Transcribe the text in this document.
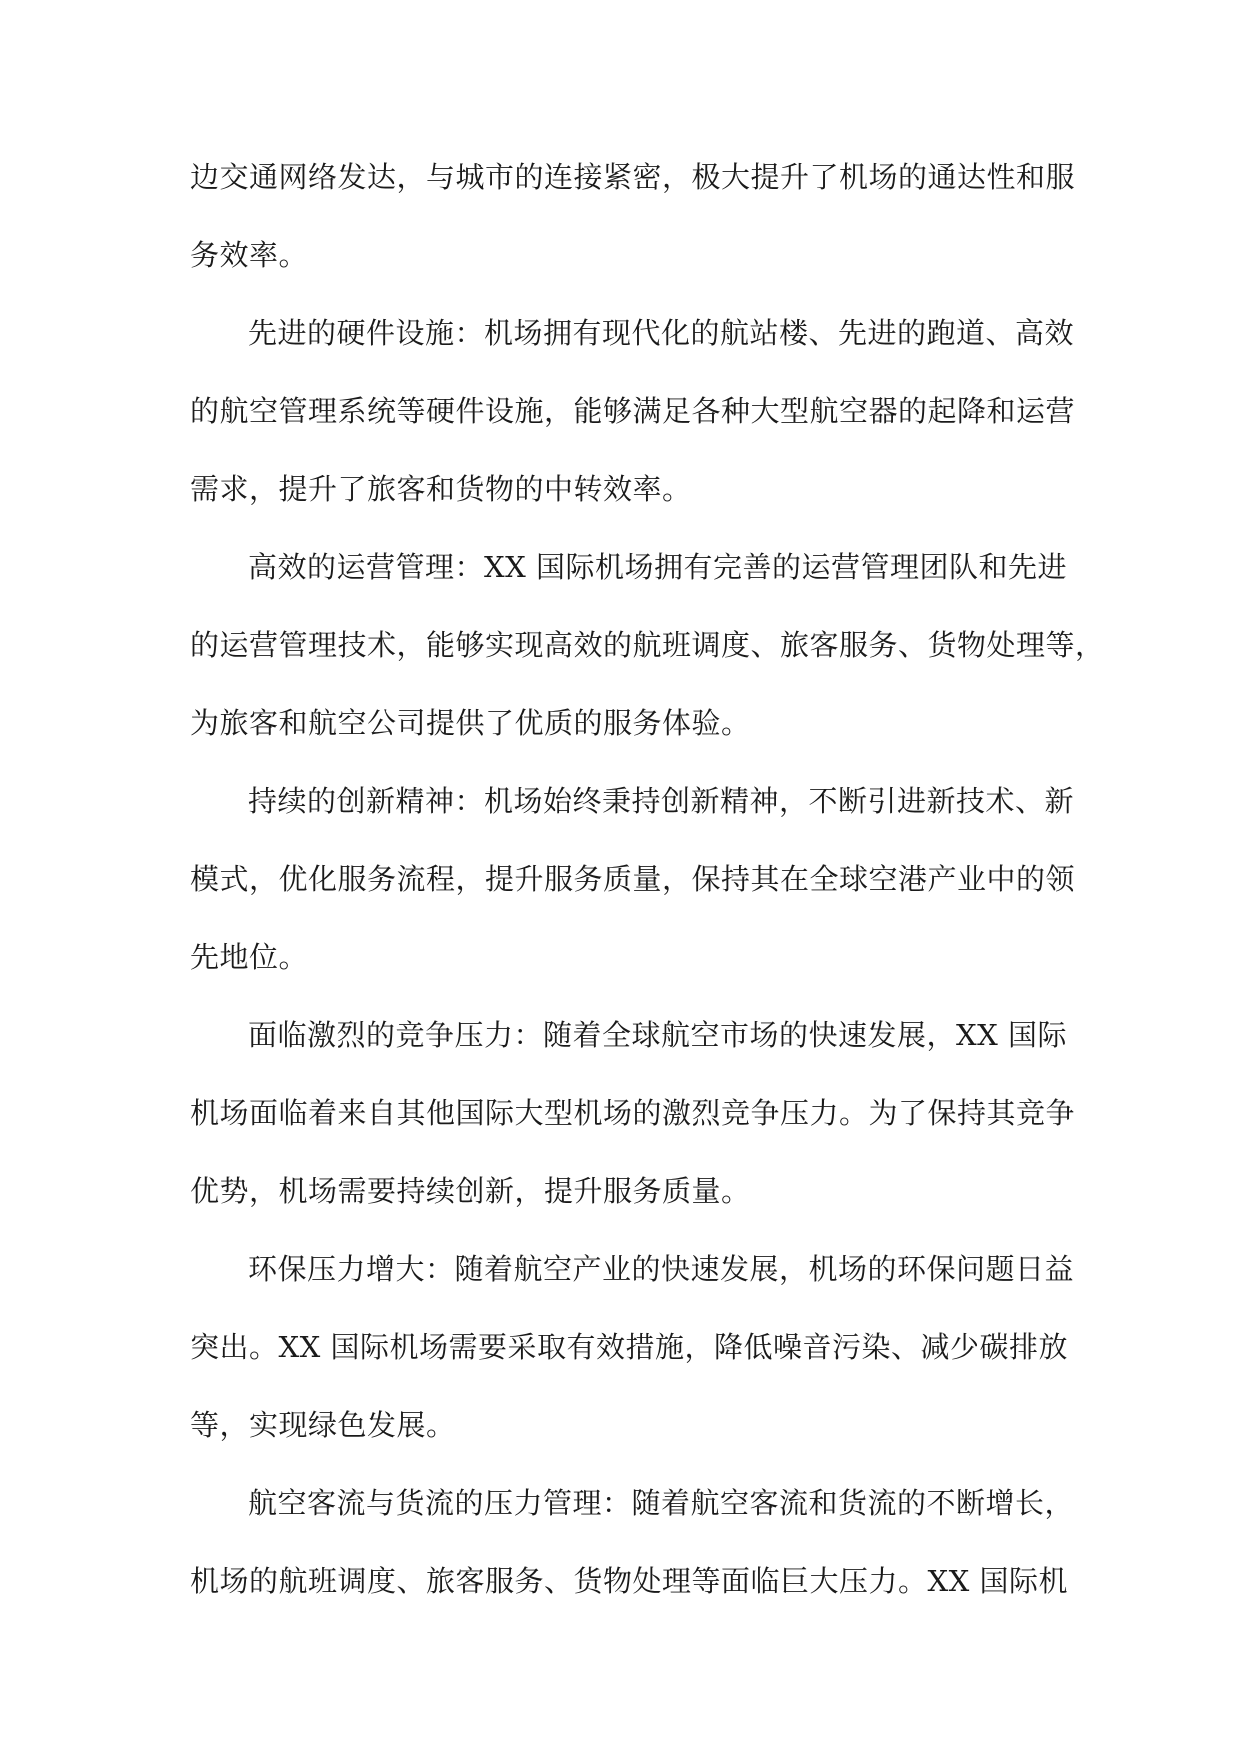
边交通网络发达，与城市的连接紧密，极大提升了机场的通达性和服
务效率。

先进的硬件设施：机场拥有现代化的航站楼、先进的跑道、高效
的航空管理系统等硬件设施，能够满足各种大型航空器的起降和运营
需求，提升了旅客和货物的中转效率。

高效的运营管理：XX 国际机场拥有完善的运营管理团队和先进
的运营管理技术，能够实现高效的航班调度、旅客服务、货物处理等，
为旅客和航空公司提供了优质的服务体验。

持续的创新精神：机场始终秉持创新精神，不断引进新技术、新
模式，优化服务流程，提升服务质量，保持其在全球空港产业中的领
先地位。

面临激烈的竞争压力：随着全球航空市场的快速发展，XX 国际
机场面临着来自其他国际大型机场的激烈竞争压力。为了保持其竞争
优势，机场需要持续创新，提升服务质量。

环保压力增大：随着航空产业的快速发展，机场的环保问题日益
突出。XX 国际机场需要采取有效措施，降低噪音污染、减少碳排放
等，实现绿色发展。

航空客流与货流的压力管理：随着航空客流和货流的不断增长，
机场的航班调度、旅客服务、货物处理等面临巨大压力。XX 国际机
